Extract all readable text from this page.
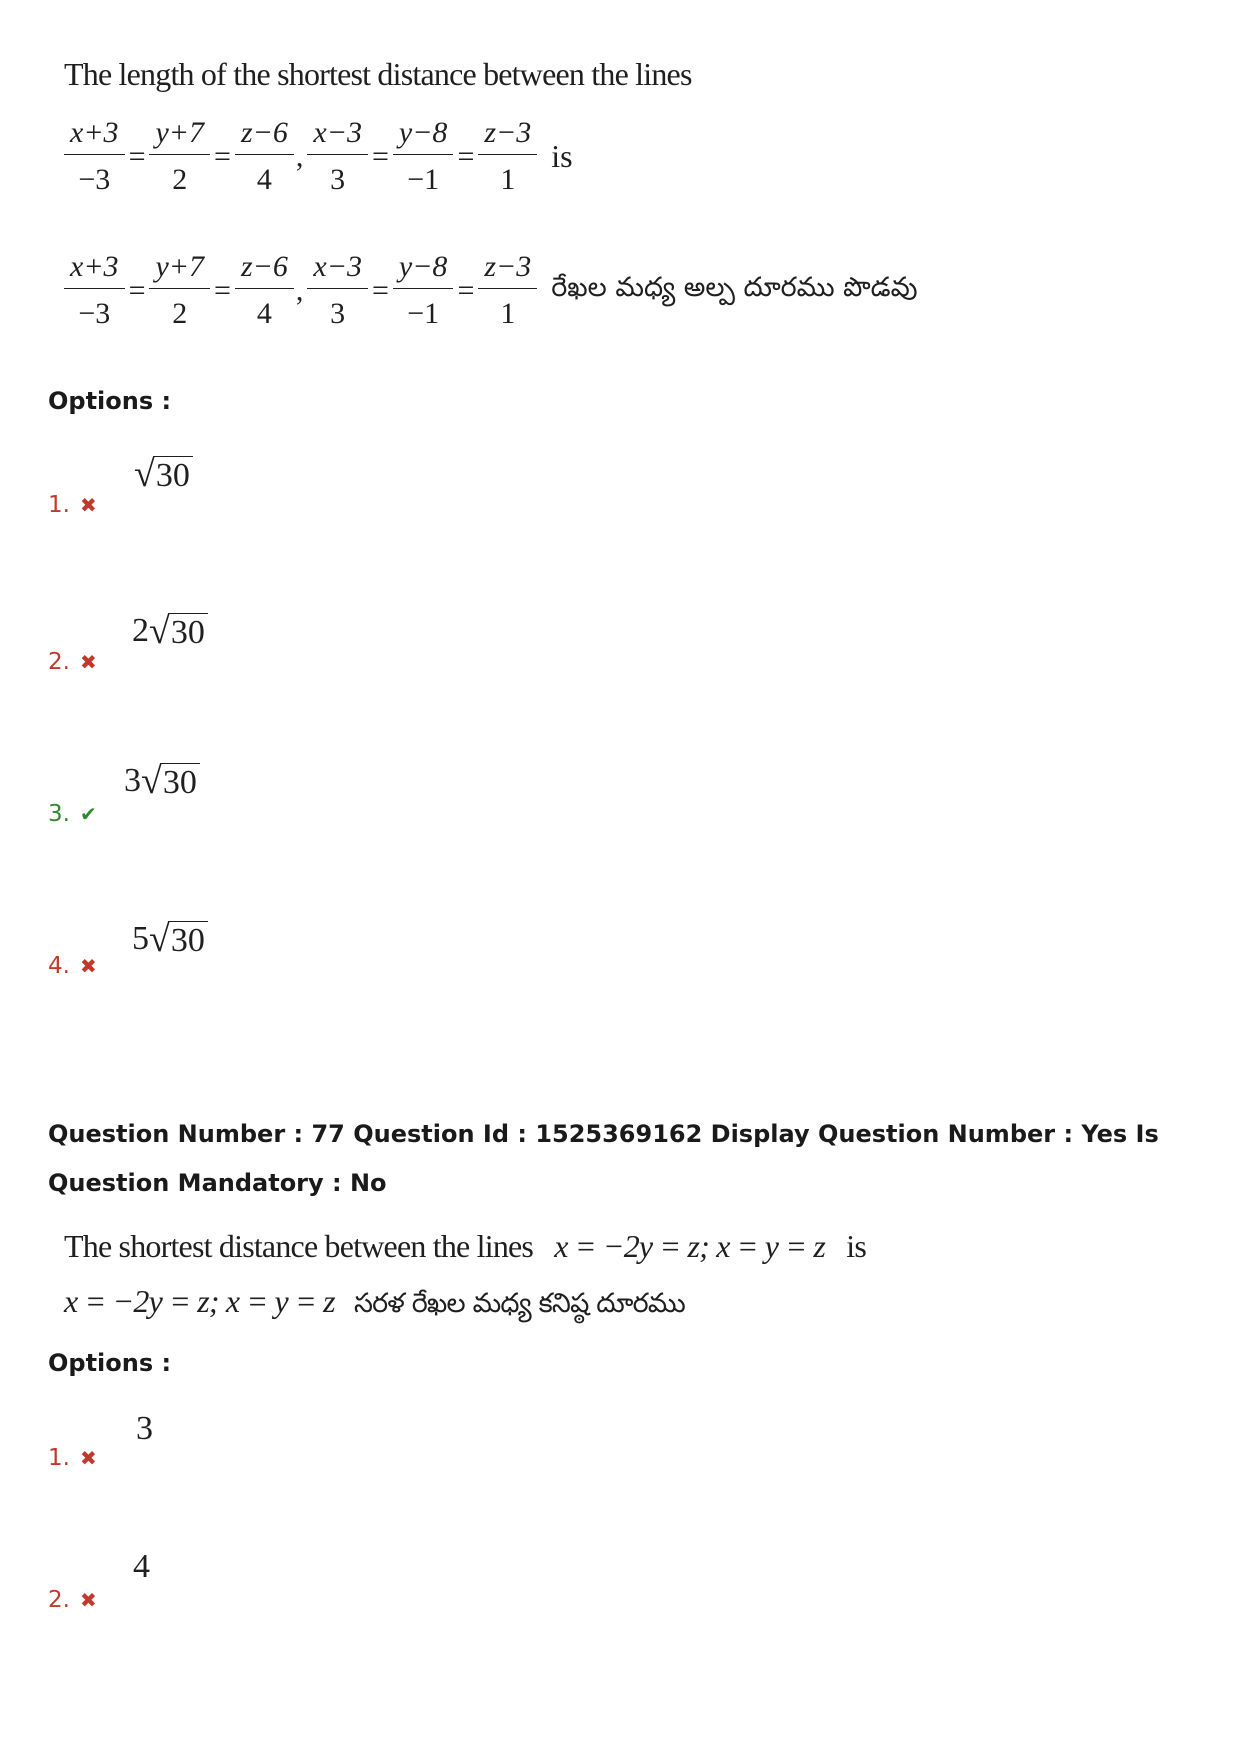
The length of the shortest distance between the lines
$\frac{x+3}{-3} = \frac{y+7}{2} = \frac{z-6}{4}$ , $\frac{x-3}{3} = \frac{y-8}{-1} = \frac{z-3}{1}$ is
$\frac{x+3}{-3} = \frac{y+7}{2} = \frac{z-6}{4}$ , $\frac{x-3}{3} = \frac{y-8}{-1} = \frac{z-3}{1}$ రేఖల మధ్య అల్ప దూరము పొడవు
Options :
1. ✖
√ 30
2. ✖
2 √ 30
3. ✔
3 √ 30
4. ✖
5 √ 30
Question Number : 77 Question Id : 1525369162 Display Question Number : Yes Is Question Mandatory : No
The shortest distance between the lines x = −2y = z; x = y = z is
x = −2y = z; x = y = z సరళ రేఖల మధ్య కనిష్ఠ దూరము
Options :
1. ✖
3
2. ✖
4
